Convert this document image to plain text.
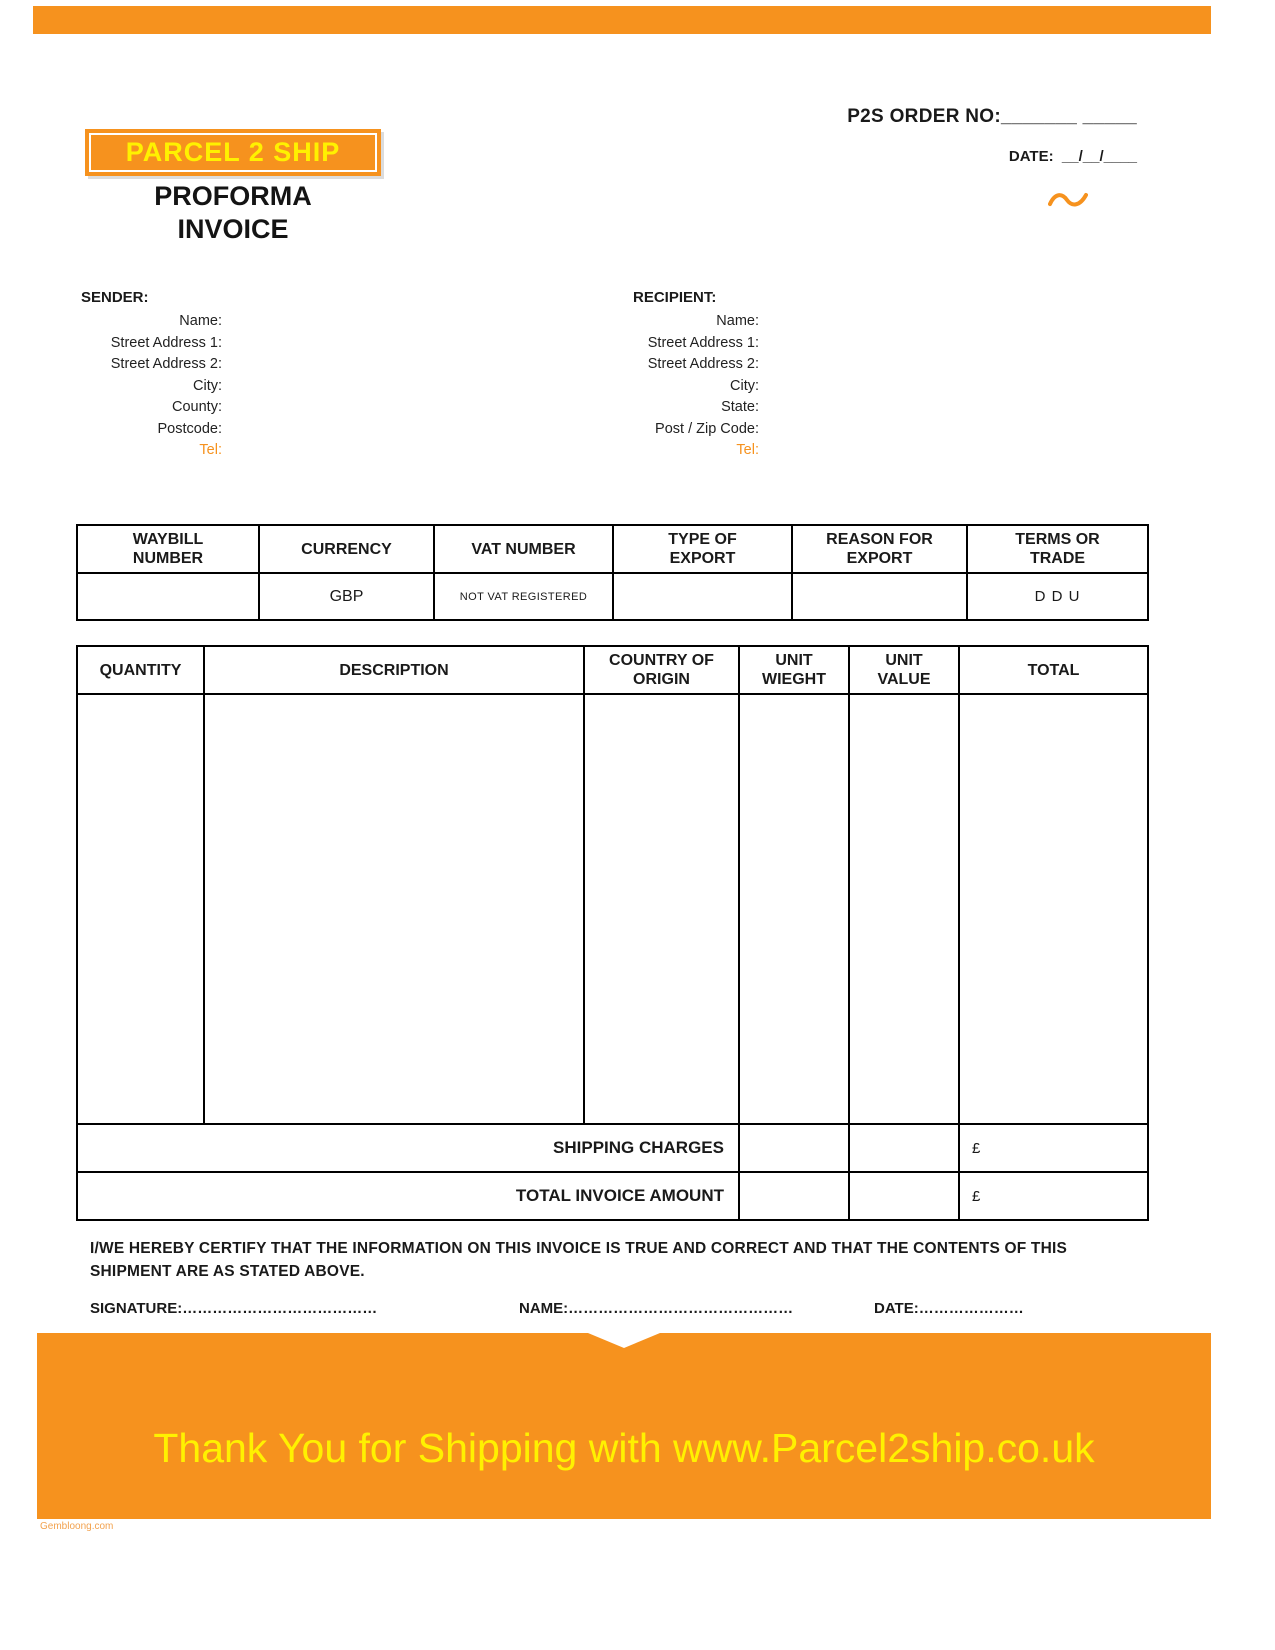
PARCEL 2 SHIP
PROFORMA
INVOICE
P2S ORDER NO:_______ _____
DATE:  __/__/____
SENDER:
Name:
Street Address 1:
Street Address 2:
City:
County:
Postcode:
Tel:
RECIPIENT:
Name:
Street Address 1:
Street Address 2:
City:
State:
Post / Zip Code:
Tel:
WAYBILL NUMBER	CURRENCY	VAT NUMBER	TYPE OF EXPORT	REASON FOR EXPORT	TERMS OR TRADE
	GBP	NOT VAT REGISTERED			D D U
QUANTITY	DESCRIPTION	COUNTRY OF ORIGIN	UNIT WIEGHT	UNIT VALUE	TOTAL

SHIPPING CHARGES					£
TOTAL INVOICE AMOUNT					£
I/WE HEREBY CERTIFY THAT THE INFORMATION ON THIS INVOICE IS TRUE AND CORRECT AND THAT THE CONTENTS OF THIS SHIPMENT ARE AS STATED ABOVE.
SIGNATURE:…………………………………	NAME:………………………………………	DATE:…………………
Thank You for Shipping with www.Parcel2ship.co.uk
Gembloong.com
